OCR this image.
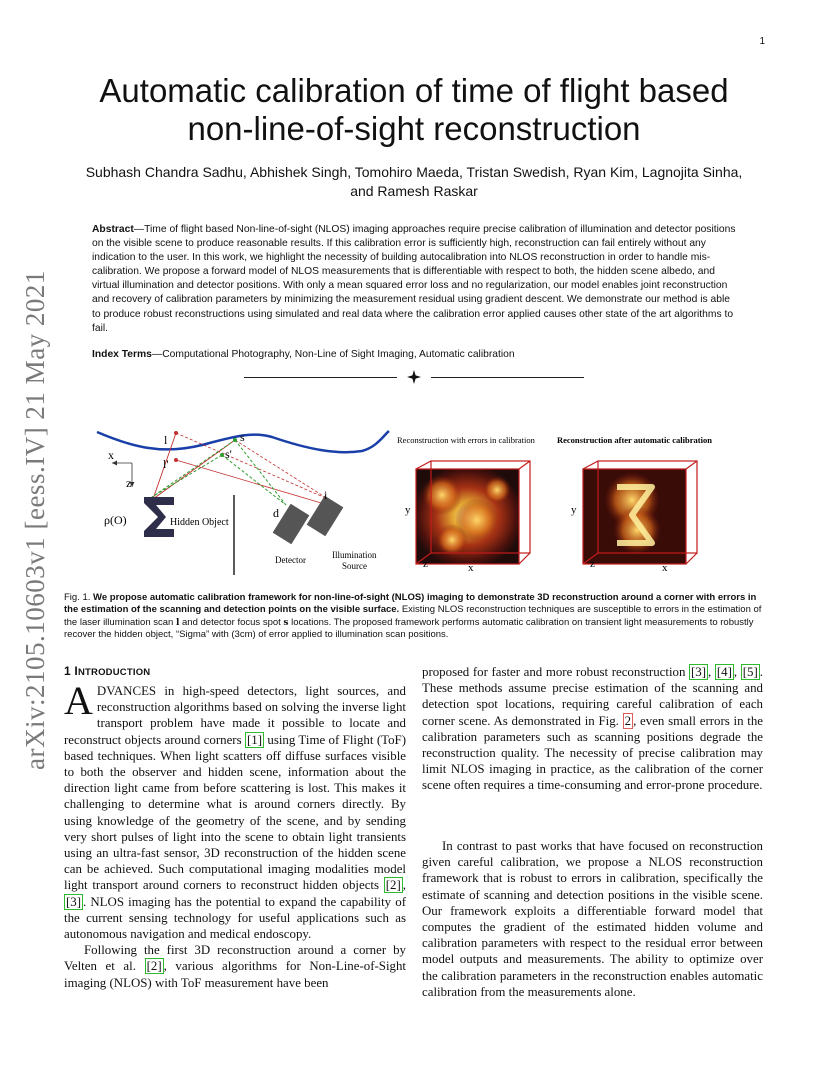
1
arXiv:2105.10603v1 [eess.IV] 21 May 2021
Automatic calibration of time of flight based non-line-of-sight reconstruction
Subhash Chandra Sadhu, Abhishek Singh, Tomohiro Maeda, Tristan Swedish, Ryan Kim, Lagnojita Sinha,
and Ramesh Raskar
Abstract—Time of flight based Non-line-of-sight (NLOS) imaging approaches require precise calibration of illumination and detector positions on the visible scene to produce reasonable results. If this calibration error is sufficiently high, reconstruction can fail entirely without any indication to the user. In this work, we highlight the necessity of building autocalibration into NLOS reconstruction in order to handle mis-calibration. We propose a forward model of NLOS measurements that is differentiable with respect to both, the hidden scene albedo, and virtual illumination and detector positions. With only a mean squared error loss and no regularization, our model enables joint reconstruction and recovery of calibration parameters by minimizing the measurement residual using gradient descent. We demonstrate our method is able to produce robust reconstructions using simulated and real data where the calibration error applied causes other state of the art algorithms to fail.
Index Terms—Computational Photography, Non-Line of Sight Imaging, Automatic calibration
l	s
l'
s'
x
z
ρ(O)	Hidden Object
d
i
Detector	Illumination
Source
Reconstruction with errors in calibration
y
z	x
Reconstruction after automatic calibration
y
z	x
Fig. 1. We propose automatic calibration framework for non-line-of-sight (NLOS) imaging to demonstrate 3D reconstruction around a corner with errors in the estimation of the scanning and detection points on the visible surface. Existing NLOS reconstruction techniques are susceptible to errors in the estimation of the laser illumination scan l and detector focus spot s locations. The proposed framework performs automatic calibration on transient light measurements to robustly recover the hidden object, “Sigma” with (3cm) of error applied to illumination scan positions.
1 INTRODUCTION

ADVANCES in high-speed detectors, light sources, and reconstruction algorithms based on solving the inverse light transport problem have made it possible to locate and reconstruct objects around corners [1] using Time of Flight (ToF) based techniques. When light scatters off diffuse surfaces visible to both the observer and hidden scene, information about the direction light came from before scattering is lost. This makes it challenging to determine what is around corners directly. By using knowledge of the geometry of the scene, and by sending very short pulses of light into the scene to obtain light transients using an ultra-fast sensor, 3D reconstruction of the hidden scene can be achieved. Such computational imaging modalities model light transport around corners to reconstruct hidden objects [2] , [3] . NLOS imaging has the potential to expand the capability of the current sensing technology for useful applications such as autonomous navigation and medical endoscopy.

Following the first 3D reconstruction around a corner by Velten et al. [2] , various algorithms for Non-Line-of-Sight imaging (NLOS) with ToF measurement have been

proposed for faster and more robust reconstruction [3] , [4] , [5] . These methods assume precise estimation of the scanning and detection spot locations, requiring careful calibration of each corner scene. As demonstrated in Fig. 2 , even small errors in the calibration parameters such as scanning positions degrade the reconstruction quality. The necessity of precise calibration may limit NLOS imaging in practice, as the calibration of the corner scene often requires a time-consuming and error-prone procedure.

In contrast to past works that have focused on reconstruction given careful calibration, we propose a NLOS reconstruction framework that is robust to errors in calibration, specifically the estimate of scanning and detection positions in the visible scene. Our framework exploits a differentiable forward model that computes the gradient of the estimated hidden volume and calibration parameters with respect to the residual error between model outputs and measurements. The ability to optimize over the calibration parameters in the reconstruction enables automatic calibration from the measurements alone.
